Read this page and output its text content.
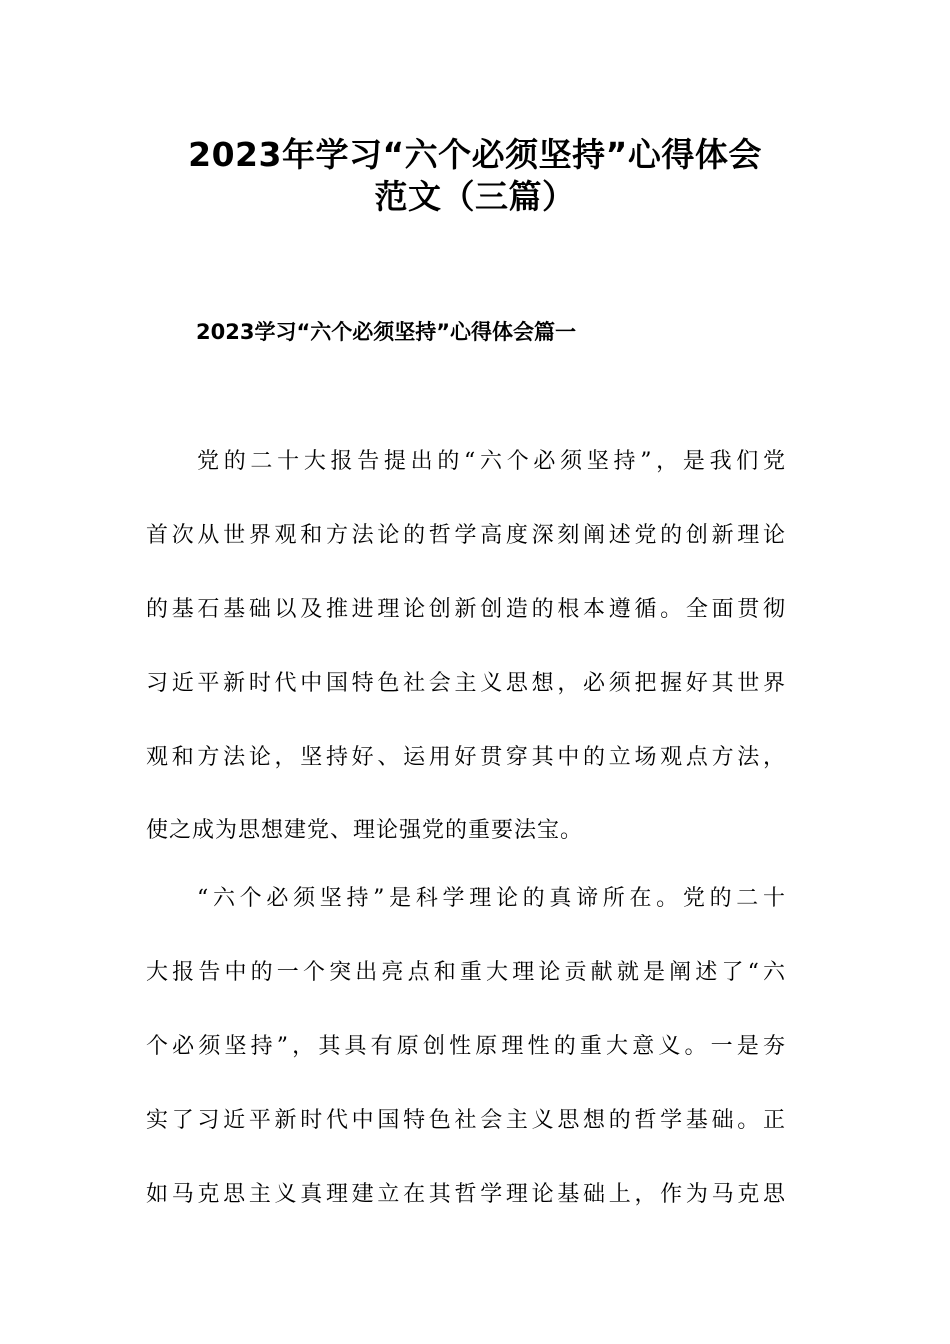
2023年学习“六个必须坚持”心得体会
范文（三篇）
2023学习“六个必须坚持”心得体会篇一
党的二十大报告提出的“六个必须坚持”，是我们党
首次从世界观和方法论的哲学高度深刻阐述党的创新理论
的基石基础以及推进理论创新创造的根本遵循。全面贯彻
习近平新时代中国特色社会主义思想，必须把握好其世界
观和方法论，坚持好、运用好贯穿其中的立场观点方法，
使之成为思想建党、理论强党的重要法宝。
“六个必须坚持”是科学理论的真谛所在。党的二十
大报告中的一个突出亮点和重大理论贡献就是阐述了“六
个必须坚持”，其具有原创性原理性的重大意义。一是夯
实了习近平新时代中国特色社会主义思想的哲学基础。正
如马克思主义真理建立在其哲学理论基础上，作为马克思
